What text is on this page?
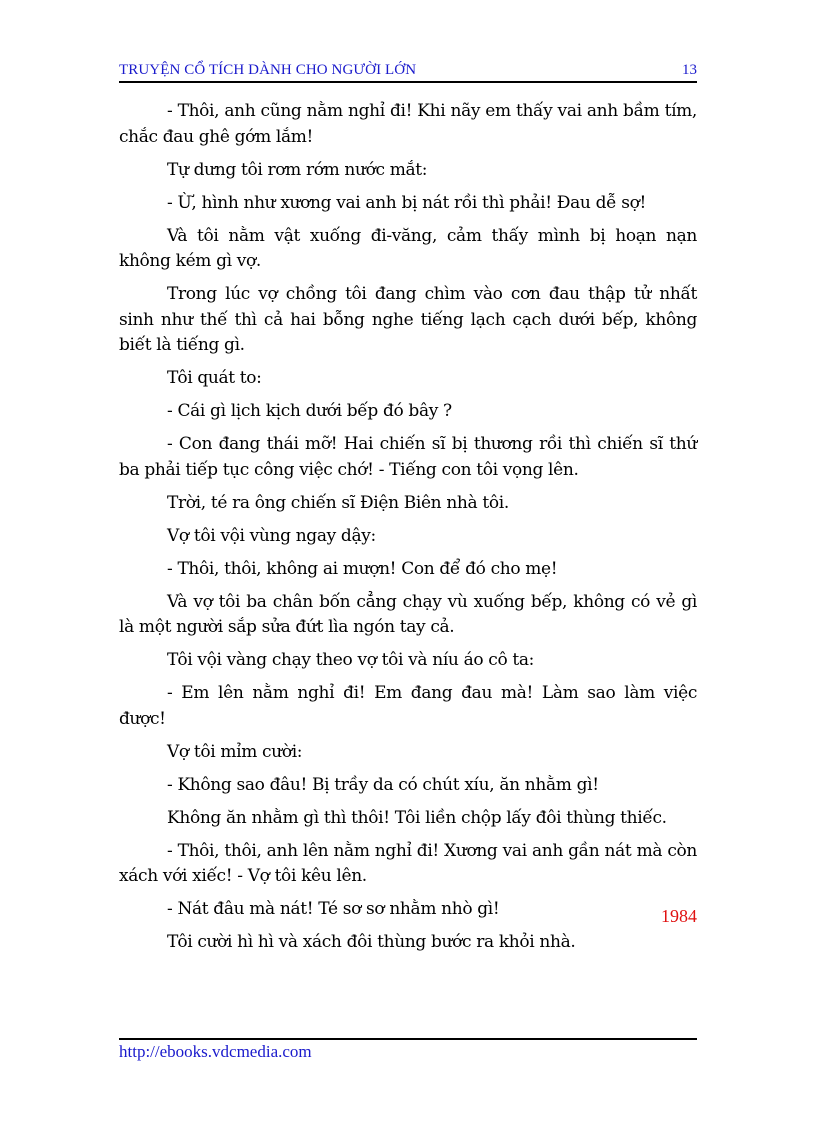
TRUYỆN CỔ TÍCH DÀNH CHO NGƯỜI LỚN	13

- Thôi, anh cũng nằm nghỉ đi! Khi nãy em thấy vai anh bầm tím, chắc đau ghê gớm lắm!

Tự dưng tôi rơm rớm nước mắt:

- Ừ, hình như xương vai anh bị nát rồi thì phải! Đau dễ sợ!

Và tôi nằm vật xuống đi-văng, cảm thấy mình bị hoạn nạn không kém gì vợ.

Trong lúc vợ chồng tôi đang chìm vào cơn đau thập tử nhất sinh như thế thì cả hai bỗng nghe tiếng lạch cạch dưới bếp, không biết là tiếng gì.

Tôi quát to:

- Cái gì lịch kịch dưới bếp đó bây ?

- Con đang thái mỡ! Hai chiến sĩ bị thương rồi thì chiến sĩ thứ ba phải tiếp tục công việc chớ! - Tiếng con tôi vọng lên.

Trời, té ra ông chiến sĩ Điện Biên nhà tôi.

Vợ tôi vội vùng ngay dậy:

- Thôi, thôi, không ai mượn! Con để đó cho mẹ!

Và vợ tôi ba chân bốn cẳng chạy vù xuống bếp, không có vẻ gì là một người sắp sửa đứt lìa ngón tay cả.

Tôi vội vàng chạy theo vợ tôi và níu áo cô ta:

- Em lên nằm nghỉ đi! Em đang đau mà! Làm sao làm việc được!

Vợ tôi mỉm cười:

- Không sao đâu! Bị trầy da có chút xíu, ăn nhằm gì!

Không ăn nhằm gì thì thôi! Tôi liền chộp lấy đôi thùng thiếc.

- Thôi, thôi, anh lên nằm nghỉ đi! Xương vai anh gần nát mà còn xách với xiếc! - Vợ tôi kêu lên.

- Nát đâu mà nát! Té sơ sơ nhằm nhò gì!

Tôi cười hì hì và xách đôi thùng bước ra khỏi nhà.

1984
http://ebooks.vdcmedia.com
